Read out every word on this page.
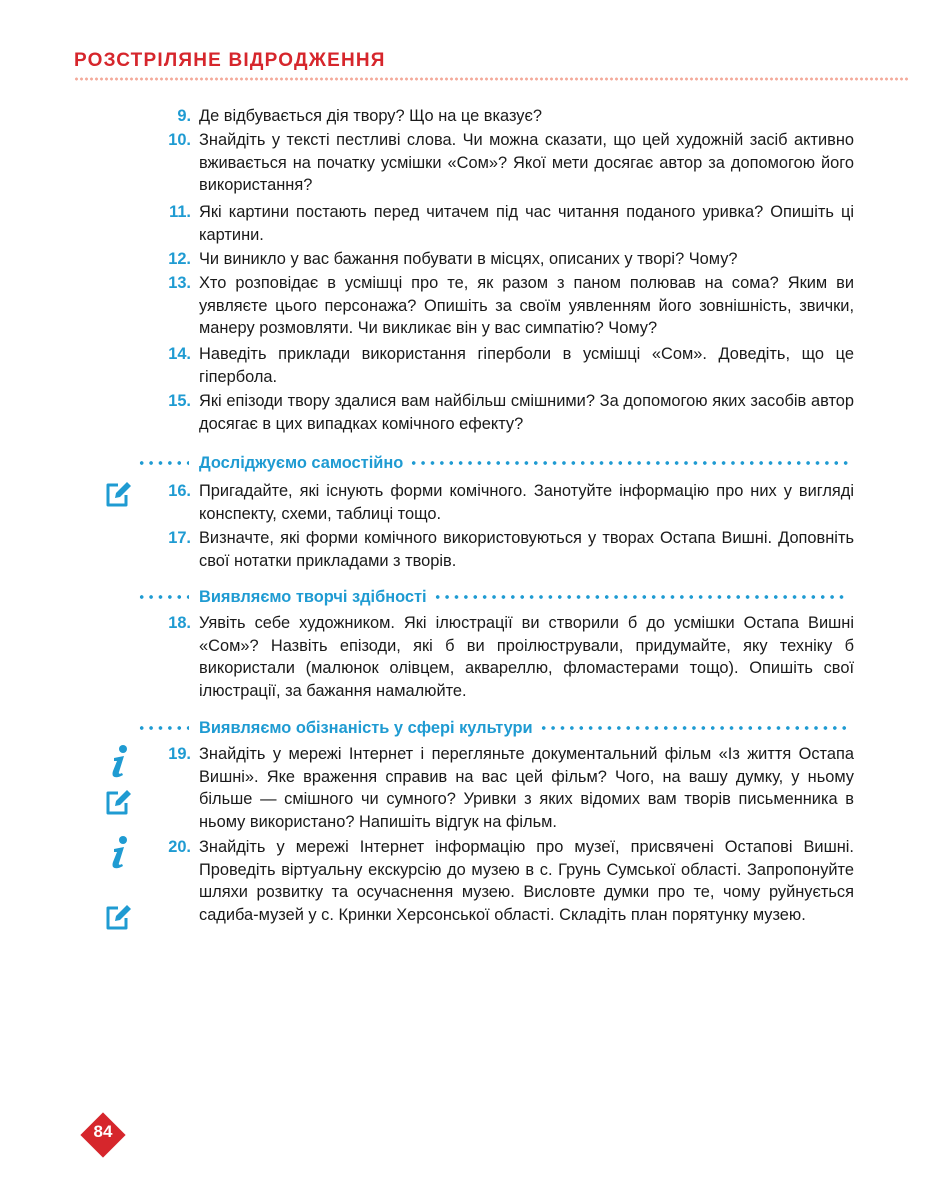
РОЗСТРІЛЯНЕ ВІДРОДЖЕННЯ
9. Де відбувається дія твору? Що на це вказує?
10. Знайдіть у тексті пестливі слова. Чи можна сказати, що цей художній засіб активно вживається на початку усмішки «Сом»? Якої мети досягає автор за допомогою його використання?
11. Які картини постають перед читачем під час читання поданого уривка? Опишіть ці картини.
12. Чи виникло у вас бажання побувати в місцях, описаних у творі? Чому?
13. Хто розповідає в усмішці про те, як разом з паном полював на сома? Яким ви уявляєте цього персонажа? Опишіть за своїм уявленням його зовнішність, звички, манеру розмовляти. Чи викликає він у вас симпатію? Чому?
14. Наведіть приклади використання гіперболи в усмішці «Сом». Доведіть, що це гіпербола.
15. Які епізоди твору здалися вам найбільш смішними? За допомогою яких засобів автор досягає в цих випадках комічного ефекту?
Досліджуємо самостійно
16. Пригадайте, які існують форми комічного. Занотуйте інформацію про них у вигляді конспекту, схеми, таблиці тощо.
17. Визначте, які форми комічного використовуються у творах Остапа Вишні. Доповніть свої нотатки прикладами з творів.
Виявляємо творчі здібності
18. Уявіть себе художником. Які ілюстрації ви створили б до усмішки Остапа Вишні «Сом»? Назвіть епізоди, які б ви проілюстрували, придумайте, яку техніку б використали (малюнок олівцем, аквареллю, фломастерами тощо). Опишіть свої ілюстрації, за бажання намалюйте.
Виявляємо обізнаність у сфері культури
19. Знайдіть у мережі Інтернет і перегляньте документальний фільм «Із життя Остапа Вишні». Яке враження справив на вас цей фільм? Чого, на вашу думку, у ньому більше — смішного чи сумного? Уривки з яких відомих вам творів письменника в ньому використано? Напишіть відгук на фільм.
20. Знайдіть у мережі Інтернет інформацію про музеї, присвячені Остапові Вишні. Проведіть віртуальну екскурсію до музею в с. Грунь Сумської області. Запропонуйте шляхи розвитку та осучаснення музею. Висловте думки про те, чому руйнується садиба-музей у с. Кринки Херсонської області. Складіть план порятунку музею.
84
